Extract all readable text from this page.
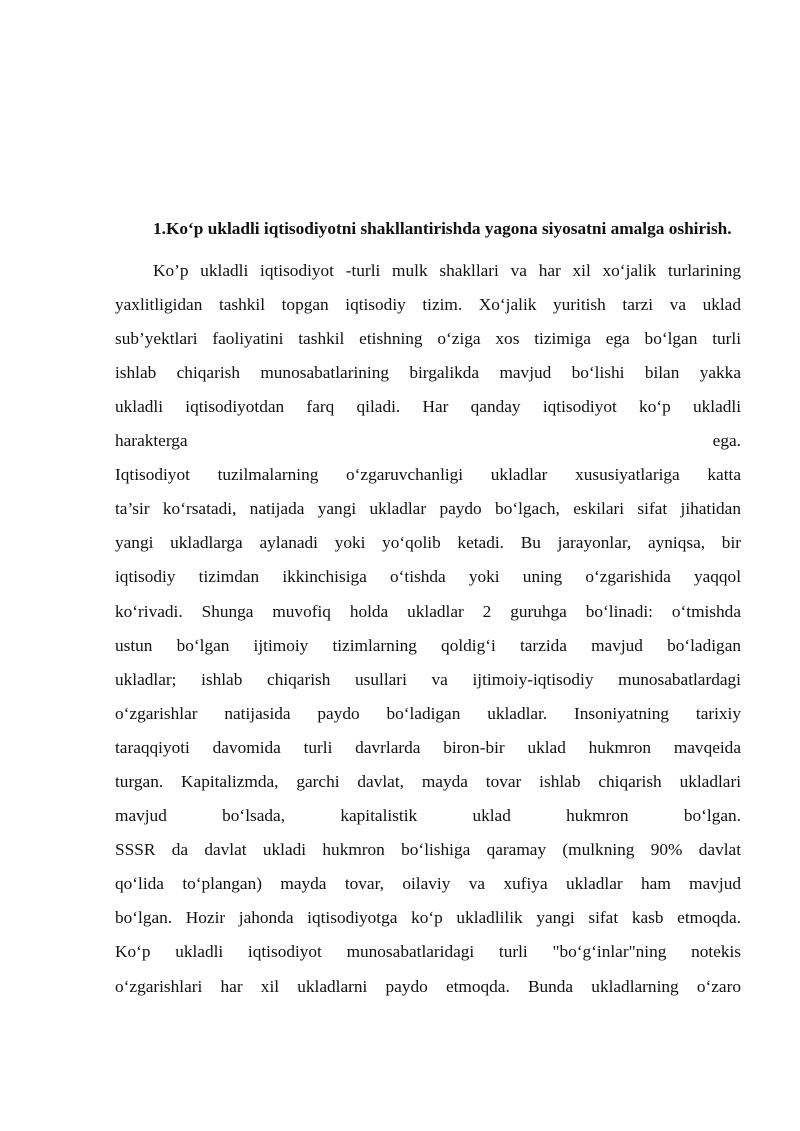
1.Ko‘p ukladli iqtisodiyotni shakllantirishda yagona siyosatni amalga oshirish.

Ko’p ukladli iqtisodiyot -turli mulk shakllari va har xil xo‘jalik turlarining
yaxlitligidan tashkil topgan iqtisodiy tizim. Xo‘jalik yuritish tarzi va uklad
sub’yektlari faoliyatini tashkil etishning o‘ziga xos tizimiga ega bo‘lgan turli
ishlab chiqarish munosabatlarining birgalikda mavjud bo‘lishi bilan yakka
ukladli iqtisodiyotdan farq qiladi. Har qanday iqtisodiyot ko‘p ukladli
harakterga ega.
Iqtisodiyot tuzilmalarning o‘zgaruvchanligi ukladlar xususiyatlariga katta
ta’sir ko‘rsatadi, natijada yangi ukladlar paydo bo‘lgach, eskilari sifat jihatidan
yangi ukladlarga aylanadi yoki yo‘qolib ketadi. Bu jarayonlar, ayniqsa, bir
iqtisodiy tizimdan ikkinchisiga o‘tishda yoki uning o‘zgarishida yaqqol
ko‘rivadi. Shunga muvofiq holda ukladlar 2 guruhga bo‘linadi: o‘tmishda
ustun bo‘lgan ijtimoiy tizimlarning qoldig‘i tarzida mavjud bo‘ladigan
ukladlar; ishlab chiqarish usullari va ijtimoiy-iqtisodiy munosabatlardagi
o‘zgarishlar natijasida paydo bo‘ladigan ukladlar. Insoniyatning tarixiy
taraqqiyoti davomida turli davrlarda biron-bir uklad hukmron mavqeida
turgan. Kapitalizmda, garchi davlat, mayda tovar ishlab chiqarish ukladlari
mavjud bo‘lsada, kapitalistik uklad hukmron bo‘lgan.
SSSR da davlat ukladi hukmron bo‘lishiga qaramay (mulkning 90% davlat
qo‘lida to‘plangan) mayda tovar, oilaviy va xufiya ukladlar ham mavjud
bo‘lgan. Hozir jahonda iqtisodiyotga ko‘p ukladlilik yangi sifat kasb etmoqda.
Ko‘p ukladli iqtisodiyot munosabatlaridagi turli "bo‘g‘inlar"ning notekis
o‘zgarishlari har xil ukladlarni paydo etmoqda. Bunda ukladlarning o‘zaro
